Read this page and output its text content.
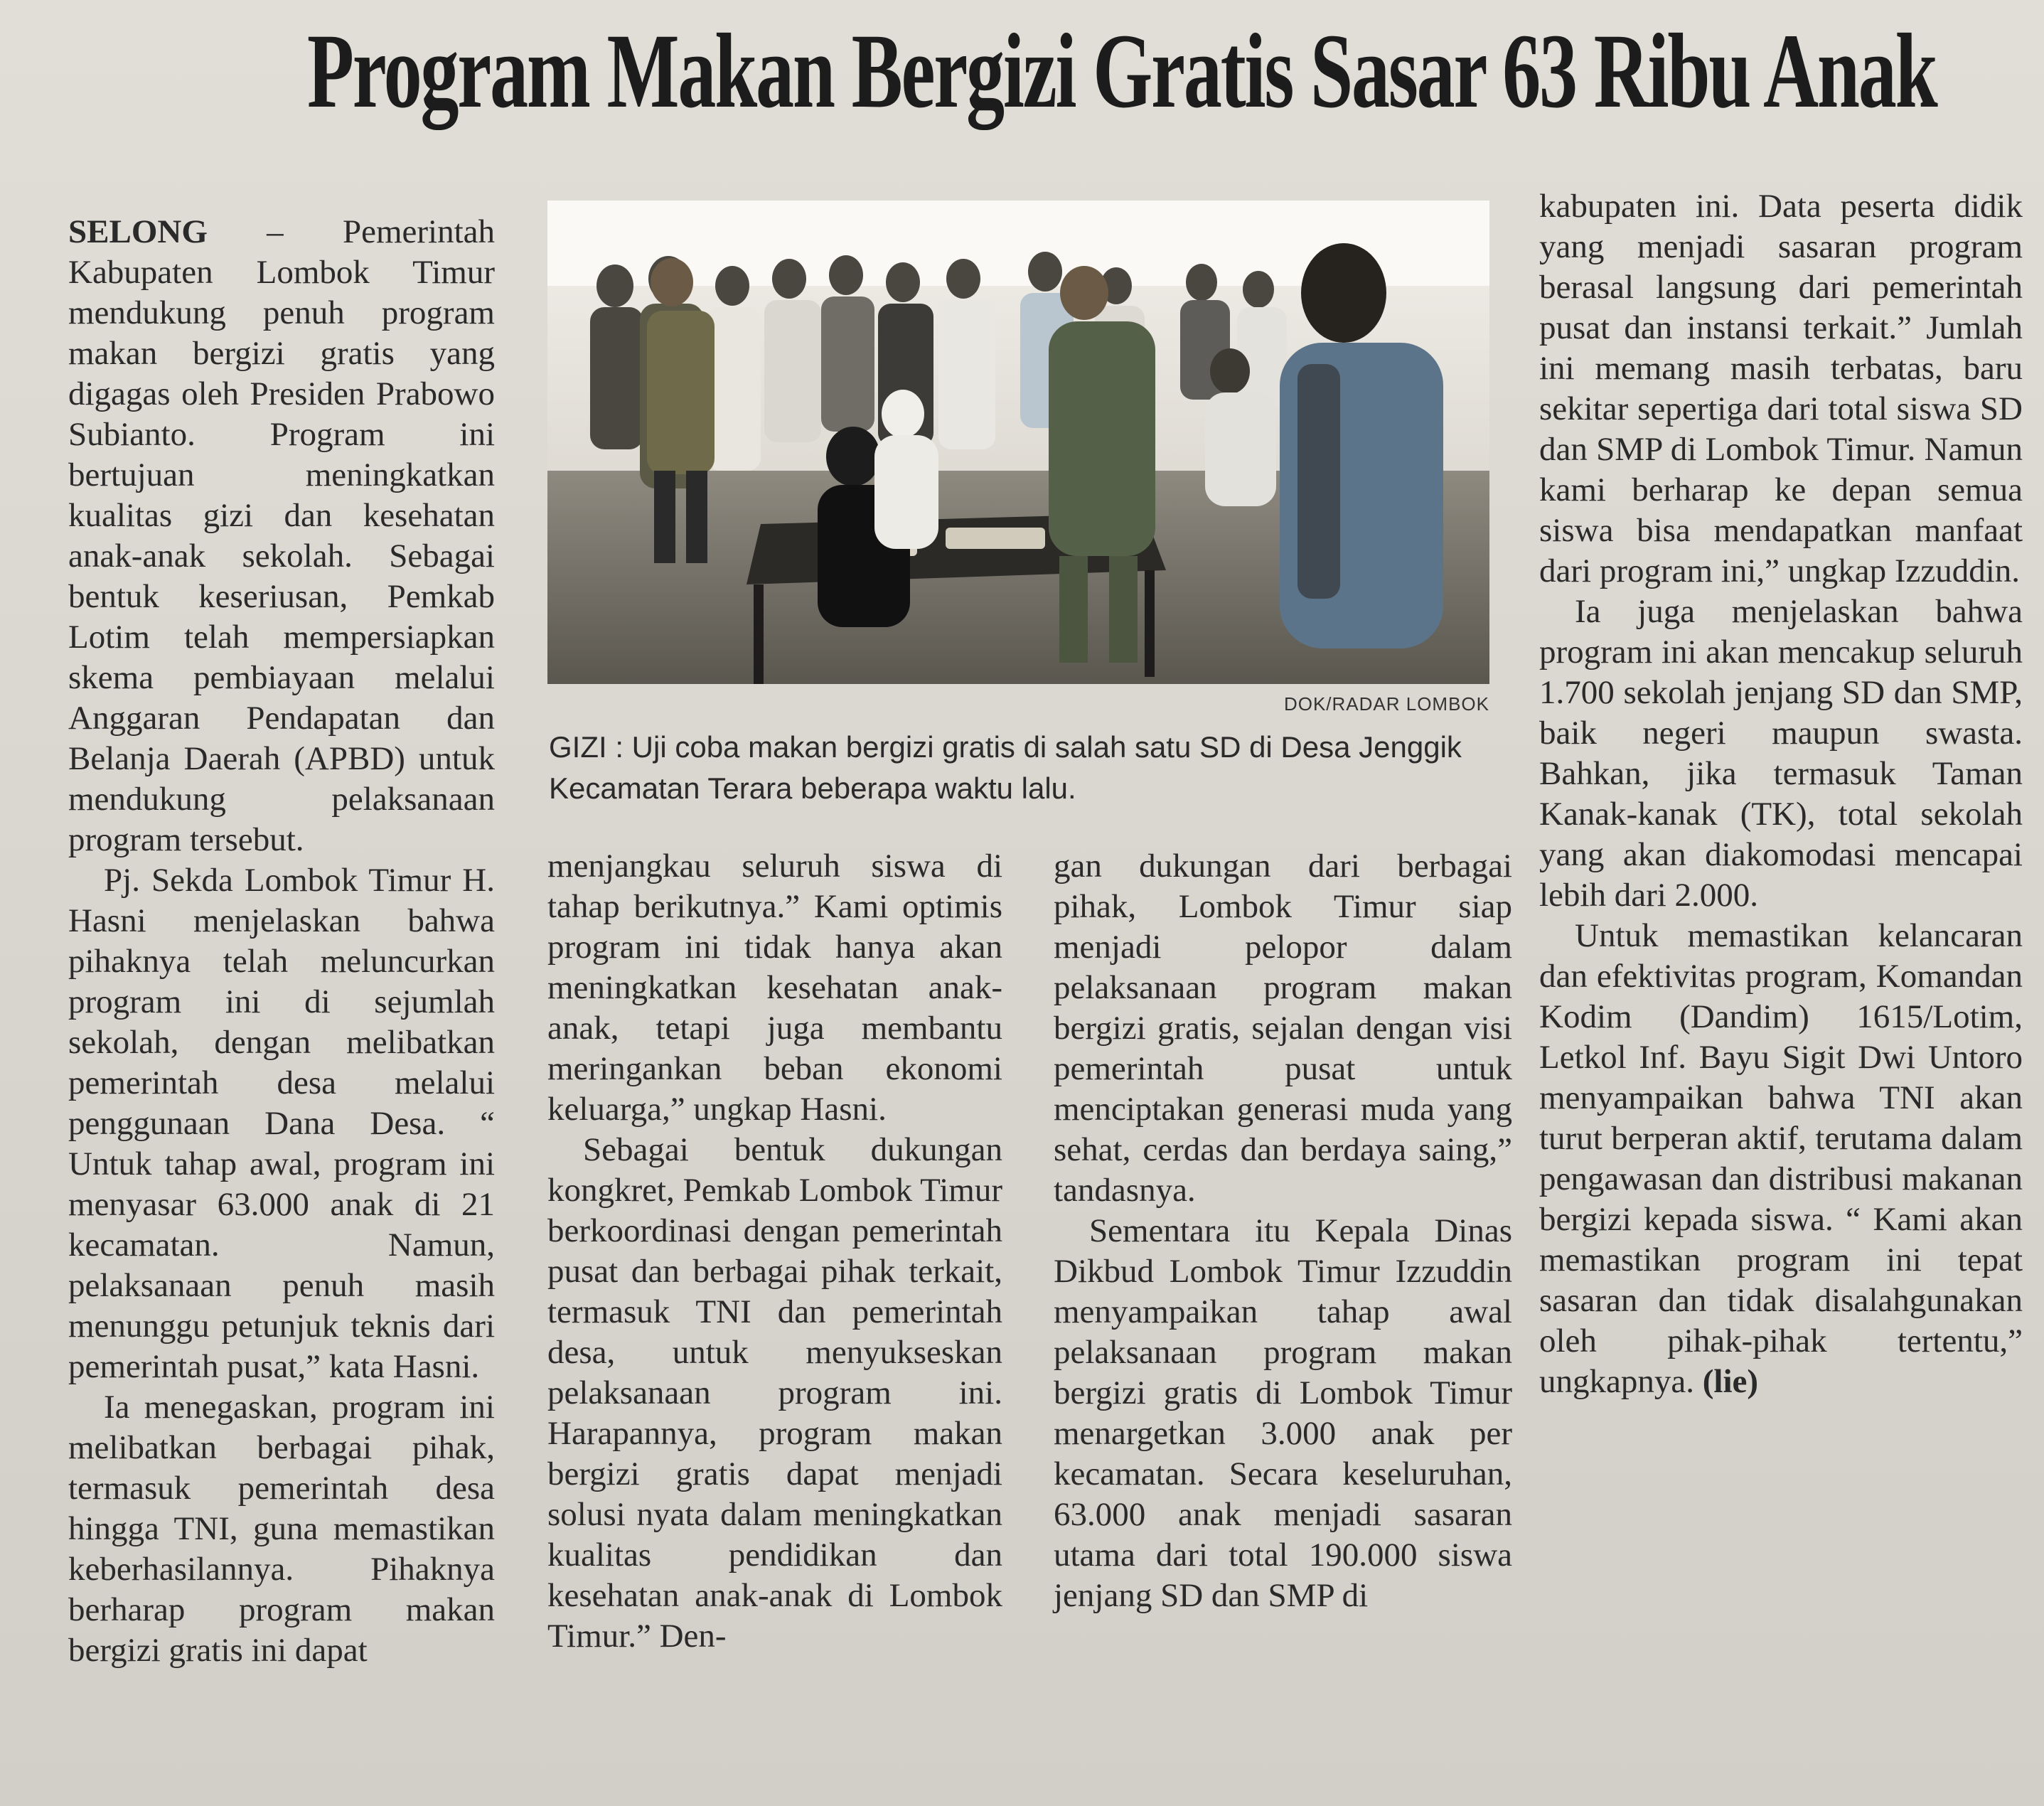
Program Makan Bergizi Gratis Sasar 63 Ribu Anak

SELONG – Pemerintah Kabupaten Lombok Timur mendukung penuh program makan bergizi gratis yang digagas oleh Presiden Prabowo Subianto. Program ini bertujuan meningkatkan kualitas gizi dan kesehatan anak-anak sekolah. Sebagai bentuk keseriusan, Pemkab Lotim telah mempersiapkan skema pembiayaan melalui Anggaran Pendapatan dan Belanja Daerah (APBD) untuk mendukung pelaksanaan program tersebut.

Pj. Sekda Lombok Timur H. Hasni menjelaskan bahwa pihaknya telah meluncurkan program ini di sejumlah sekolah, dengan melibatkan pemerintah desa melalui penggunaan Dana Desa. “ Untuk tahap awal, program ini menyasar 63.000 anak di 21 kecamatan. Namun, pelaksanaan penuh masih menunggu petunjuk teknis dari pemerintah pusat,” kata Hasni.

Ia menegaskan, program ini melibatkan berbagai pihak, termasuk pemerintah desa hingga TNI, guna memastikan keberhasilannya. Pihaknya berharap program makan bergizi gratis ini dapat

DOK/RADAR LOMBOK
GIZI : Uji coba makan bergizi gratis di salah satu SD di Desa Jenggik Kecamatan Terara beberapa waktu lalu.

menjangkau seluruh siswa di tahap berikutnya.” Kami optimis program ini tidak hanya akan meningkatkan kesehatan anak-anak, tetapi juga membantu meringankan beban ekonomi keluarga,” ungkap Hasni.

Sebagai bentuk dukungan kongkret, Pemkab Lombok Timur berkoordinasi dengan pemerintah pusat dan berbagai pihak terkait, termasuk TNI dan pemerintah desa, untuk menyukseskan pelaksanaan program ini. Harapannya, program makan bergizi gratis dapat menjadi solusi nyata dalam meningkatkan kualitas pendidikan dan kesehatan anak-anak di Lombok Timur.” Den-

gan dukungan dari berbagai pihak, Lombok Timur siap menjadi pelopor dalam pelaksanaan program makan bergizi gratis, sejalan dengan visi pemerintah pusat untuk menciptakan generasi muda yang sehat, cerdas dan berdaya saing,” tandasnya.

Sementara itu Kepala Dinas Dikbud Lombok Timur Izzuddin menyampaikan tahap awal pelaksanaan program makan bergizi gratis di Lombok Timur menargetkan 3.000 anak per kecamatan. Secara keseluruhan, 63.000 anak menjadi sasaran utama dari total 190.000 siswa jenjang SD dan SMP di

kabupaten ini. Data peserta didik yang menjadi sasaran program berasal langsung dari pemerintah pusat dan instansi terkait.” Jumlah ini memang masih terbatas, baru sekitar sepertiga dari total siswa SD dan SMP di Lombok Timur. Namun kami berharap ke depan semua siswa bisa mendapatkan manfaat dari program ini,” ungkap Izzuddin.

Ia juga menjelaskan bahwa program ini akan mencakup seluruh 1.700 sekolah jenjang SD dan SMP, baik negeri maupun swasta. Bahkan, jika termasuk Taman Kanak-kanak (TK), total sekolah yang akan diakomodasi mencapai lebih dari 2.000.

Untuk memastikan kelancaran dan efektivitas program, Komandan Kodim (Dandim) 1615/Lotim, Letkol Inf. Bayu Sigit Dwi Untoro menyampaikan bahwa TNI akan turut berperan aktif, terutama dalam pengawasan dan distribusi makanan bergizi kepada siswa. “ Kami akan memastikan program ini tepat sasaran dan tidak disalahgunakan oleh pihak-pihak tertentu,” ungkapnya. (lie)
